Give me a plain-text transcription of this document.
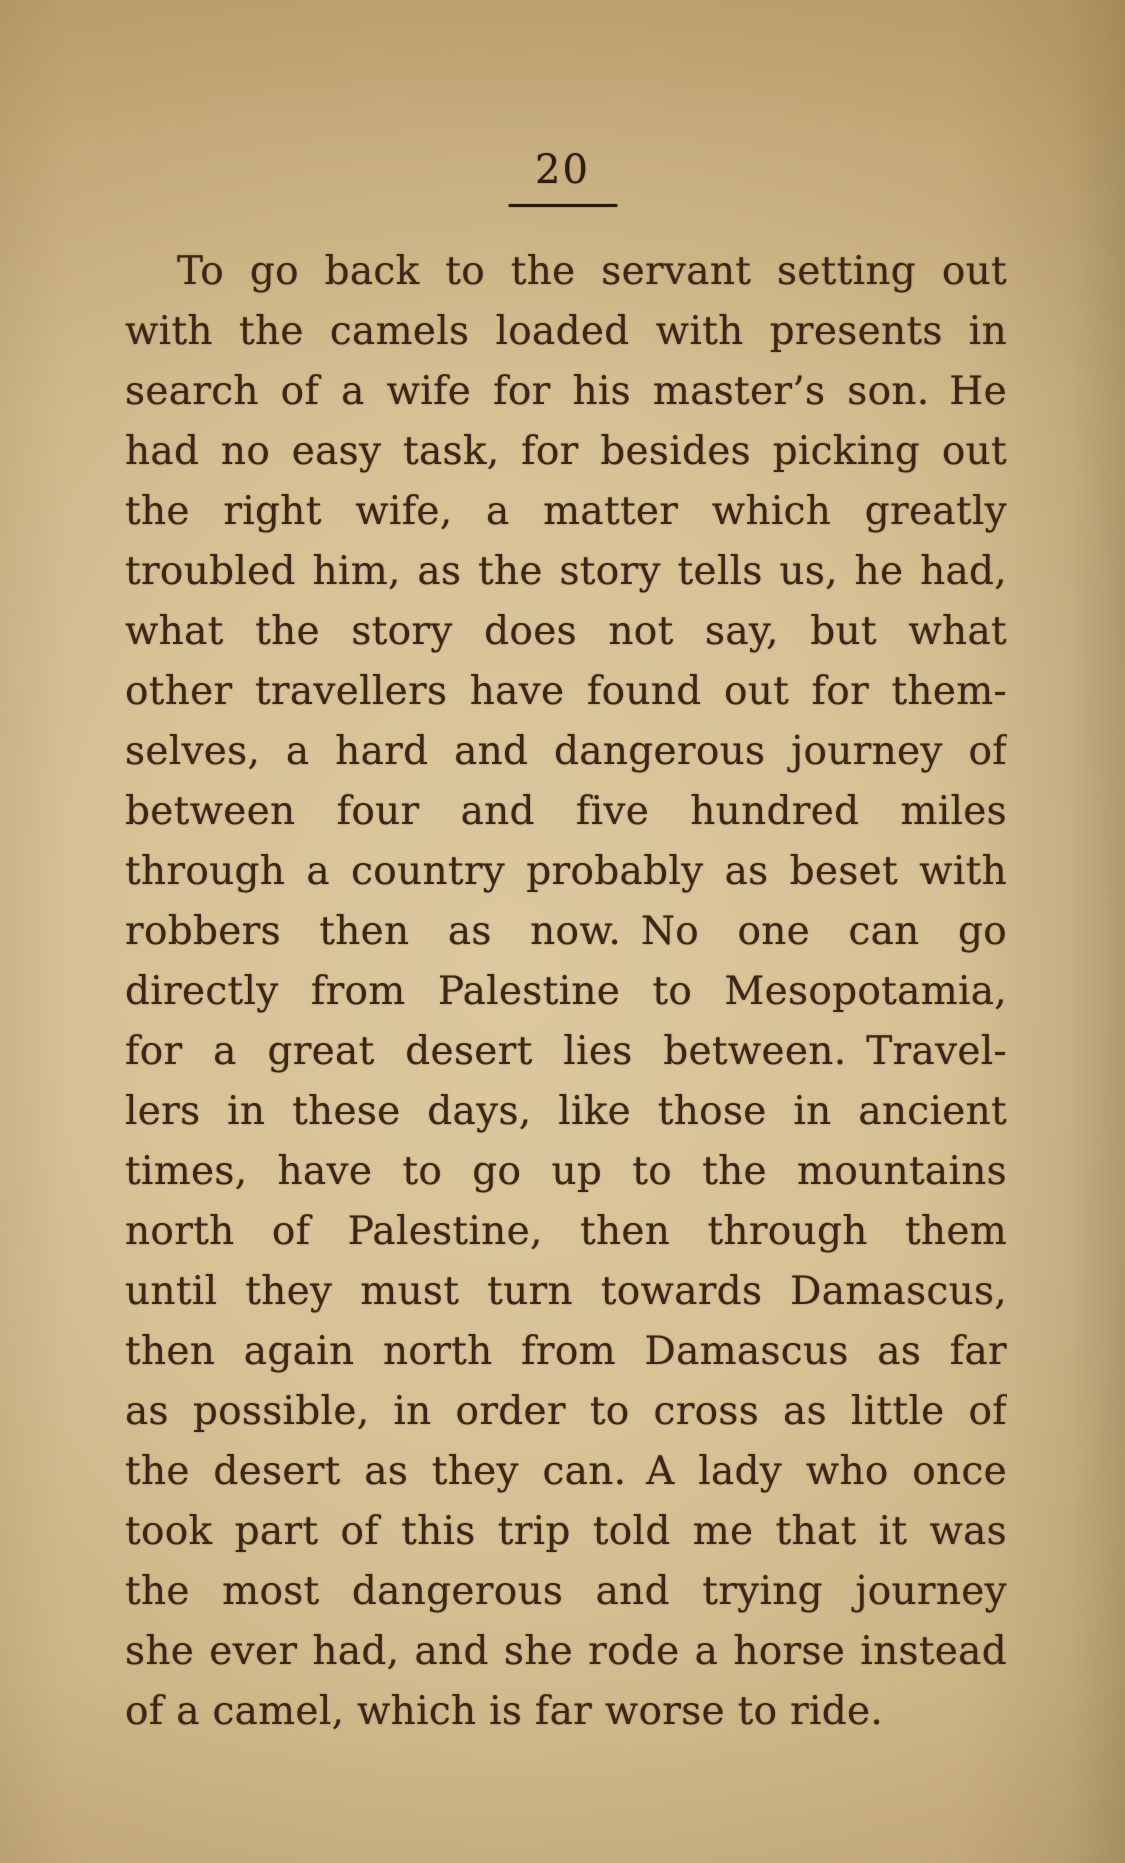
20
To go back to the servant setting out
with the camels loaded with presents in
search of a wife for his master’s son. He
had no easy task, for besides picking out
the right wife, a matter which greatly
troubled him, as the story tells us, he had,
what the story does not say, but what
other travellers have found out for them-
selves, a hard and dangerous journey of
between four and five hundred miles
through a country probably as beset with
robbers then as now. No one can go
directly from Palestine to Mesopotamia,
for a great desert lies between. Travel-
lers in these days, like those in ancient
times, have to go up to the mountains
north of Palestine, then through them
until they must turn towards Damascus,
then again north from Damascus as far
as possible, in order to cross as little of
the desert as they can. A lady who once
took part of this trip told me that it was
the most dangerous and trying journey
she ever had, and she rode a horse instead
of a camel, which is far worse to ride.
